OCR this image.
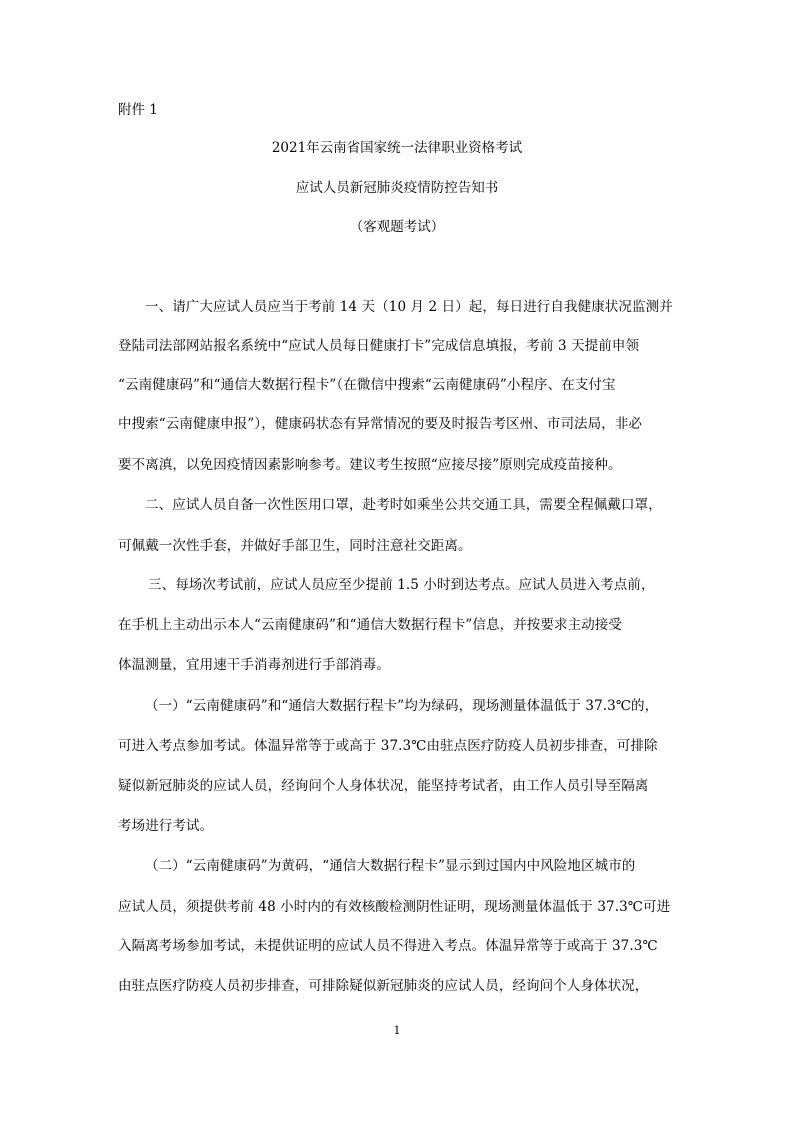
附件 1
2021年云南省国家统一法律职业资格考试
应试人员新冠肺炎疫情防控告知书
（客观题考试）
一、请广大应试人员应当于考前 14 天（10 月 2 日）起，每日进行自我健康状况监测并
登陆司法部网站报名系统中“应试人员每日健康打卡”完成信息填报，考前 3 天提前申领
“云南健康码”和“通信大数据行程卡”（在微信中搜索“云南健康码”小程序、在支付宝
中搜索“云南健康申报”），健康码状态有异常情况的要及时报告考区州、市司法局，非必
要不离滇，以免因疫情因素影响参考。建议考生按照“应接尽接”原则完成疫苗接种。
二、应试人员自备一次性医用口罩，赴考时如乘坐公共交通工具，需要全程佩戴口罩，
可佩戴一次性手套，并做好手部卫生，同时注意社交距离。
三、每场次考试前，应试人员应至少提前 1.5 小时到达考点。应试人员进入考点前，
在手机上主动出示本人“云南健康码”和“通信大数据行程卡”信息，并按要求主动接受
体温测量，宜用速干手消毒剂进行手部消毒。
（一）“云南健康码”和“通信大数据行程卡”均为绿码，现场测量体温低于 37.3℃的，
可进入考点参加考试。体温异常等于或高于 37.3℃由驻点医疗防疫人员初步排查，可排除
疑似新冠肺炎的应试人员，经询问个人身体状况，能坚持考试者，由工作人员引导至隔离
考场进行考试。
（二）“云南健康码”为黄码，“通信大数据行程卡”显示到过国内中风险地区城市的
应试人员，须提供考前 48 小时内的有效核酸检测阴性证明，现场测量体温低于 37.3℃可进
入隔离考场参加考试，未提供证明的应试人员不得进入考点。体温异常等于或高于 37.3℃
由驻点医疗防疫人员初步排查，可排除疑似新冠肺炎的应试人员，经询问个人身体状况，
1
